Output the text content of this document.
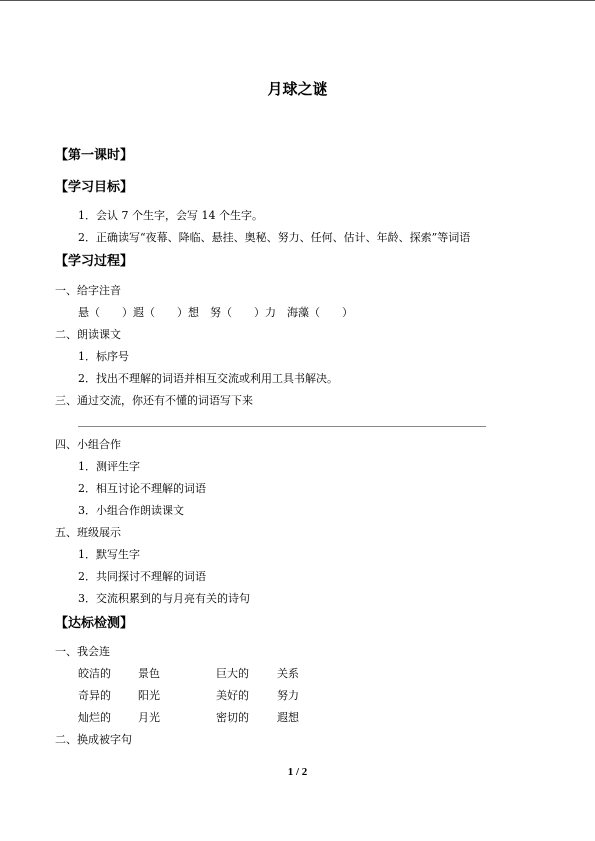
月球之谜
【第一课时】
【学习目标】
1．会认 7 个生字，会写 14 个生字。
2．正确读写“夜幕、降临、悬挂、奥秘、努力、任何、估计、年龄、探索”等词语
【学习过程】
一、给字注音
悬（　　）遐（　　）想　努（　　）力　海藻（　　）
二、朗读课文
1．标序号
2．找出不理解的词语并相互交流或利用工具书解决。
三、通过交流，你还有不懂的词语写下来
四、小组合作
1．测评生字
2．相互讨论不理解的词语
3．小组合作朗读课文
五、班级展示
1．默写生字
2．共同探讨不理解的词语
3．交流积累到的与月亮有关的诗句
【达标检测】
一、我会连
皎洁的 景色	巨大的	关系
奇异的 阳光	美好的	努力
灿烂的 月光	密切的	遐想
二、换成被字句
1 / 2
